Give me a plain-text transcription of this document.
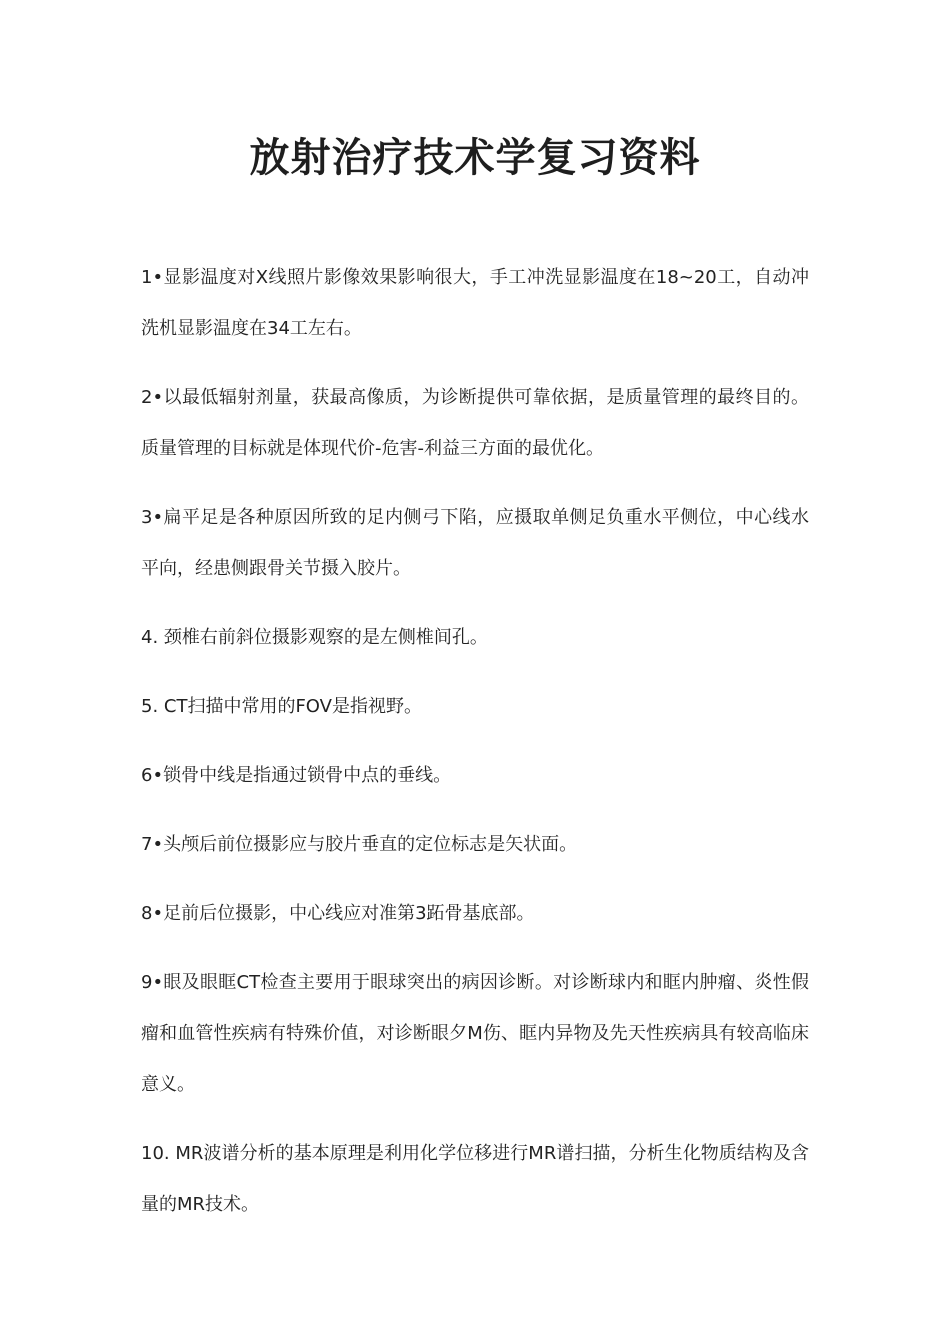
放射治疗技术学复习资料
1•显影温度对X线照片影像效果影响很大，手工冲洗显影温度在18~20工，自动冲洗机显影温度在34工左右。
2•以最低辐射剂量，获最高像质，为诊断提供可靠依据，是质量管理的最终目的。质量管理的目标就是体现代价-危害-利益三方面的最优化。
3•扁平足是各种原因所致的足内侧弓下陷，应摄取单侧足负重水平侧位，中心线水平向，经患侧跟骨关节摄入胶片。
4. 颈椎右前斜位摄影观察的是左侧椎间孔。
5. CT扫描中常用的FOV是指视野。
6•锁骨中线是指通过锁骨中点的垂线。
7•头颅后前位摄影应与胶片垂直的定位标志是矢状面。
8•足前后位摄影，中心线应对准第3跖骨基底部。
9•眼及眼眶CT检查主要用于眼球突出的病因诊断。对诊断球内和眶内肿瘤、炎性假瘤和血管性疾病有特殊价值，对诊断眼夕M伤、眶内异物及先天性疾病具有较高临床意义。
10. MR波谱分析的基本原理是利用化学位移进行MR谱扫描，分析生化物质结构及含量的MR技术。
